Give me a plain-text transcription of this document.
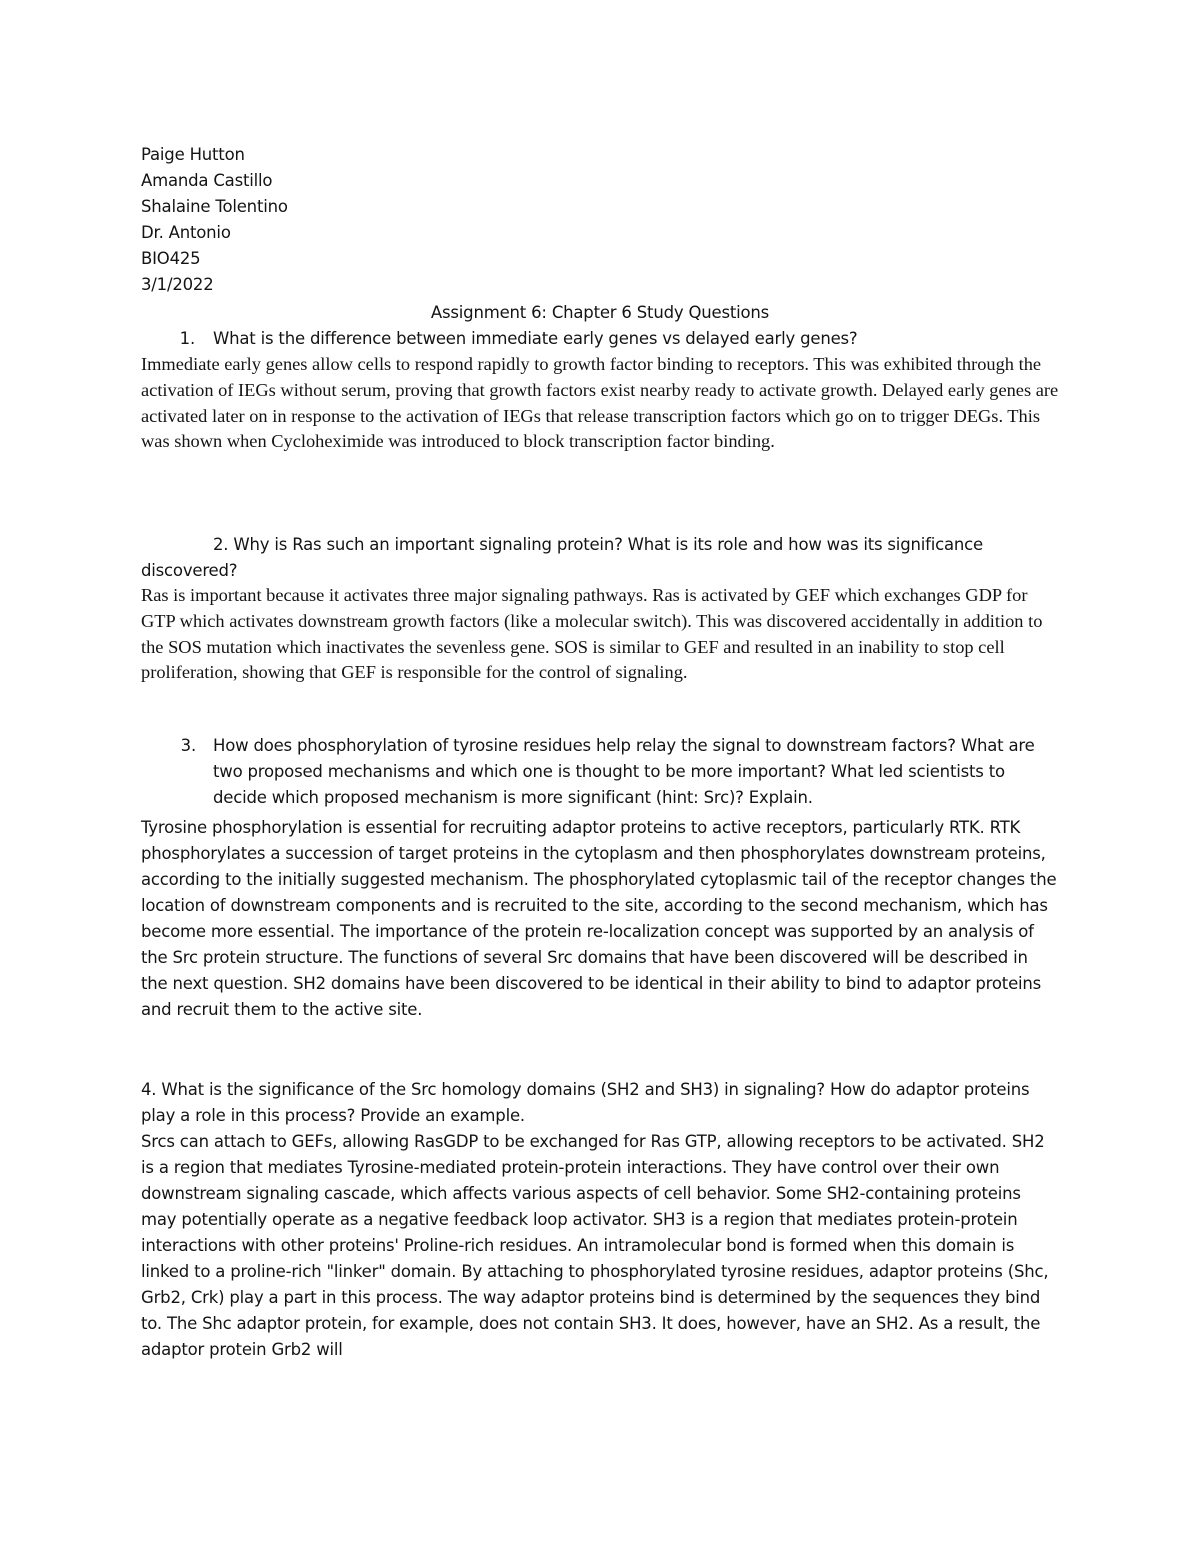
Paige Hutton
Amanda Castillo
Shalaine Tolentino
Dr. Antonio
BIO425
3/1/2022
Assignment 6: Chapter 6 Study Questions
1.	What is the difference between immediate early genes vs delayed early genes?

Immediate early genes allow cells to respond rapidly to growth factor binding to receptors. This was exhibited through the activation of IEGs without serum, proving that growth factors exist nearby ready to activate growth. Delayed early genes are activated later on in response to the activation of IEGs that release transcription factors which go on to trigger DEGs. This was shown when Cycloheximide was introduced to block transcription factor binding.

2. Why is Ras such an important signaling protein? What is its role and how was its significance discovered?

Ras is important because it activates three major signaling pathways. Ras is activated by GEF which exchanges GDP for GTP which activates downstream growth factors (like a molecular switch). This was discovered accidentally in addition to the SOS mutation which inactivates the sevenless gene. SOS is similar to GEF and resulted in an inability to stop cell proliferation, showing that GEF is responsible for the control of signaling.

3.	How does phosphorylation of tyrosine residues help relay the signal to downstream factors? What are two proposed mechanisms and which one is thought to be more important? What led scientists to decide which proposed mechanism is more significant (hint: Src)? Explain.

Tyrosine phosphorylation is essential for recruiting adaptor proteins to active receptors, particularly RTK. RTK phosphorylates a succession of target proteins in the cytoplasm and then phosphorylates downstream proteins, according to the initially suggested mechanism. The phosphorylated cytoplasmic tail of the receptor changes the location of downstream components and is recruited to the site, according to the second mechanism, which has become more essential. The importance of the protein re-localization concept was supported by an analysis of the Src protein structure. The functions of several Src domains that have been discovered will be described in the next question. SH2 domains have been discovered to be identical in their ability to bind to adaptor proteins and recruit them to the active site.

4. What is the significance of the Src homology domains (SH2 and SH3) in signaling? How do adaptor proteins play a role in this process? Provide an example.

Srcs can attach to GEFs, allowing RasGDP to be exchanged for Ras GTP, allowing receptors to be activated. SH2 is a region that mediates Tyrosine-mediated protein-protein interactions. They have control over their own downstream signaling cascade, which affects various aspects of cell behavior. Some SH2-containing proteins may potentially operate as a negative feedback loop activator. SH3 is a region that mediates protein-protein interactions with other proteins' Proline-rich residues. An intramolecular bond is formed when this domain is linked to a proline-rich "linker" domain. By attaching to phosphorylated tyrosine residues, adaptor proteins (Shc, Grb2, Crk) play a part in this process. The way adaptor proteins bind is determined by the sequences they bind to. The Shc adaptor protein, for example, does not contain SH3. It does, however, have an SH2. As a result, the adaptor protein Grb2 will
